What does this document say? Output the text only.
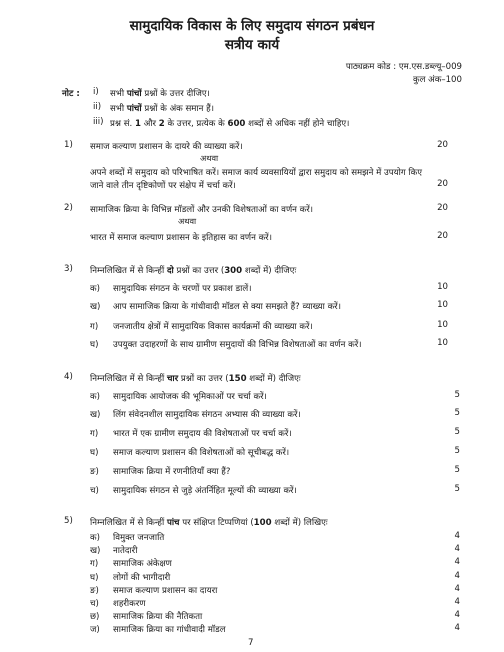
सामुदायिक विकास के लिए समुदाय संगठन प्रबंधन
सत्रीय कार्य
पाठ्यक्रम कोड : एम.एस.डब्ल्यू–009
कुल अंक–100
नोट : i) सभी पांचों प्रश्नों के उत्तर दीजिए।
ii) सभी पांचों प्रश्नों के अंक समान हैं।
iii) प्रश्न सं. 1 और 2 के उत्तर, प्रत्येक के 600 शब्दों से अधिक नहीं होने चाहिए।
1) समाज कल्याण प्रशासन के दायरे की व्याख्या करें।	20
अथवा
अपने शब्दों में समुदाय को परिभाषित करें। समाज कार्य व्यवसायियों द्वारा समुदाय को समझने में उपयोग किए
जाने वाले तीन दृष्टिकोणों पर संक्षेप में चर्चा करें।	20
2) सामाजिक क्रिया के विभिन्न मॉडलों और उनकी विशेषताओं का वर्णन करें।	20
अथवा
भारत में समाज कल्याण प्रशासन के इतिहास का वर्णन करें।	20
3) निम्नलिखित में से किन्हीं दो प्रश्नों का उत्तर (300 शब्दों में) दीजिएः
क) सामुदायिक संगठन के चरणों पर प्रकाश डालें।	10
ख) आप सामाजिक क्रिया के गांधीवादी मॉडल से क्या समझते हैं? व्याख्या करें।	10
ग) जनजातीय क्षेत्रों में सामुदायिक विकास कार्यक्रमों की व्याख्या करें।	10
घ) उपयुक्त उदाहरणों के साथ ग्रामीण समुदायों की विभिन्न विशेषताओं का वर्णन करें।	10
4) निम्नलिखित में से किन्हीं चार प्रश्नों का उत्तर (150 शब्दों में) दीजिएः
क) सामुदायिक आयोजक की भूमिकाओं पर चर्चा करें।	5
ख) लिंग संवेदनशील सामुदायिक संगठन अभ्यास की व्याख्या करें।	5
ग) भारत में एक ग्रामीण समुदाय की विशेषताओं पर चर्चा करें।	5
घ) समाज कल्याण प्रशासन की विशेषताओं को सूचीबद्ध करें।	5
ङ) सामाजिक क्रिया में रणनीतियाँ क्या हैं?	5
च) सामुदायिक संगठन से जुड़े अंतर्निहित मूल्यों की व्याख्या करें।	5
5) निम्नलिखित में से किन्हीं पांच पर संक्षिप्त टिप्पणियां (100 शब्दों में) लिखिएः
क) विमुक्त जनजाति	4
ख) नातेदारी	4
ग) सामाजिक अंकेक्षण	4
घ) लोगों की भागीदारी	4
ङ) समाज कल्याण प्रशासन का दायरा	4
च) शहरीकरण	4
छ) सामाजिक क्रिया की नैतिकता	4
ज) सामाजिक क्रिया का गांधीवादी मॉडल	4
7
